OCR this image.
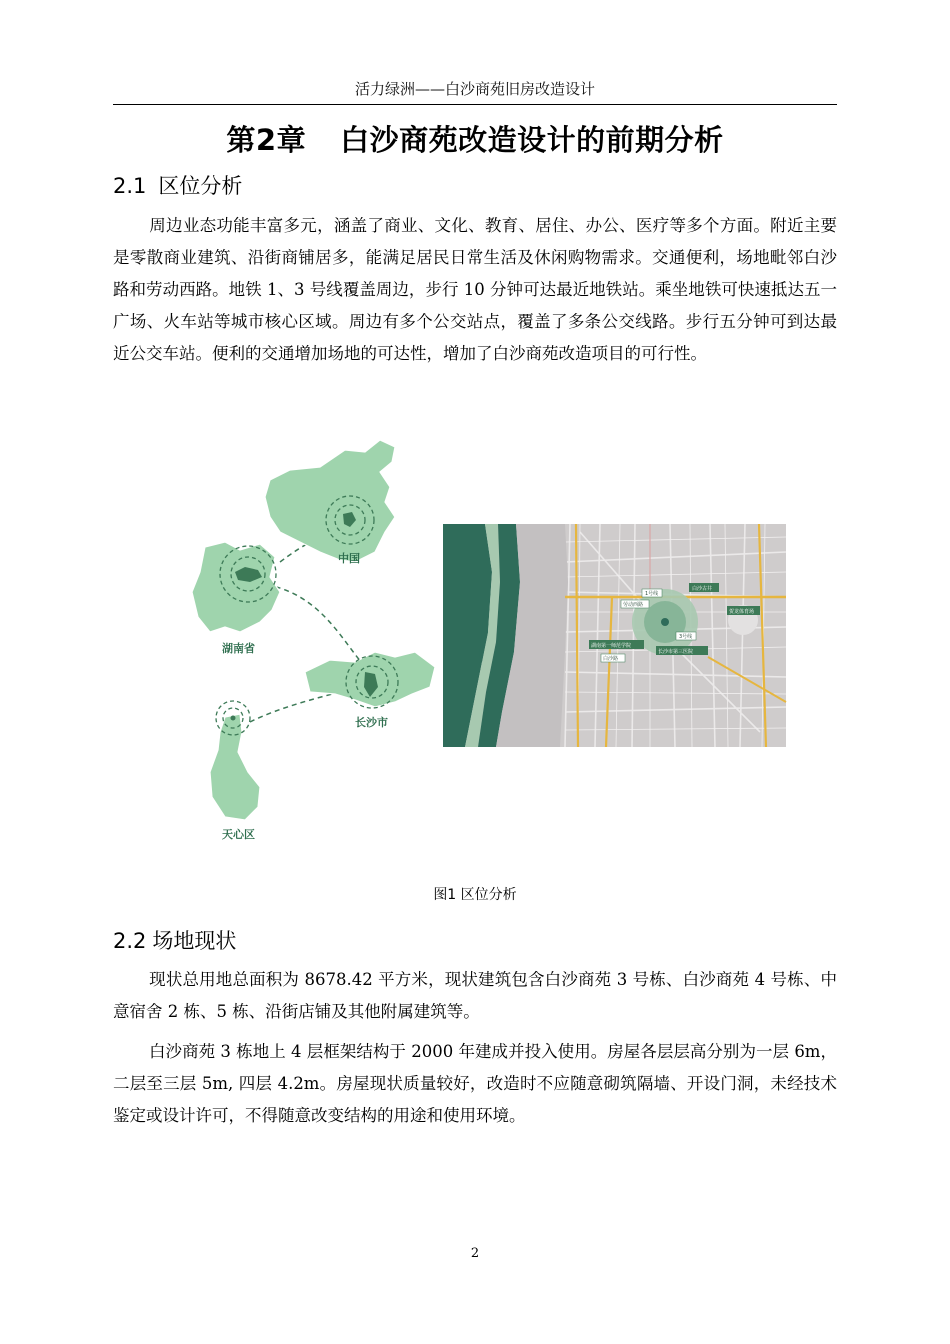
活力绿洲——白沙商苑旧房改造设计
第2章 白沙商苑改造设计的前期分析
2.1 区位分析
周边业态功能丰富多元，涵盖了商业、文化、教育、居住、办公、医疗等多个方面。附近主要是零散商业建筑、沿街商铺居多，能满足居民日常生活及休闲购物需求。交通便利，场地毗邻白沙路和劳动西路。地铁 1、3 号线覆盖周边，步行 10 分钟可达最近地铁站。乘坐地铁可快速抵达五一广场、火车站等城市核心区域。周边有多个公交站点，覆盖了多条公交线路。步行五分钟可到达最近公交车站。便利的交通增加场地的可达性，增加了白沙商苑改造项目的可行性。
中国
湖南省
长沙市
天心区
1号线
白沙古井
劳动西路
贺龙体育场
湖南第一师范学院
长沙市第三医院
3号线
白沙路
图1 区位分析
2.2 场地现状
现状总用地总面积为 8678.42 平方米，现状建筑包含白沙商苑 3 号栋、白沙商苑 4 号栋、中意宿舍 2 栋、5 栋、沿街店铺及其他附属建筑等。
白沙商苑 3 栋地上 4 层框架结构于 2000 年建成并投入使用。房屋各层层高分别为一层 6m，二层至三层 5m, 四层 4.2m。房屋现状质量较好，改造时不应随意砌筑隔墙、开设门洞，未经技术鉴定或设计许可，不得随意改变结构的用途和使用环境。
2
